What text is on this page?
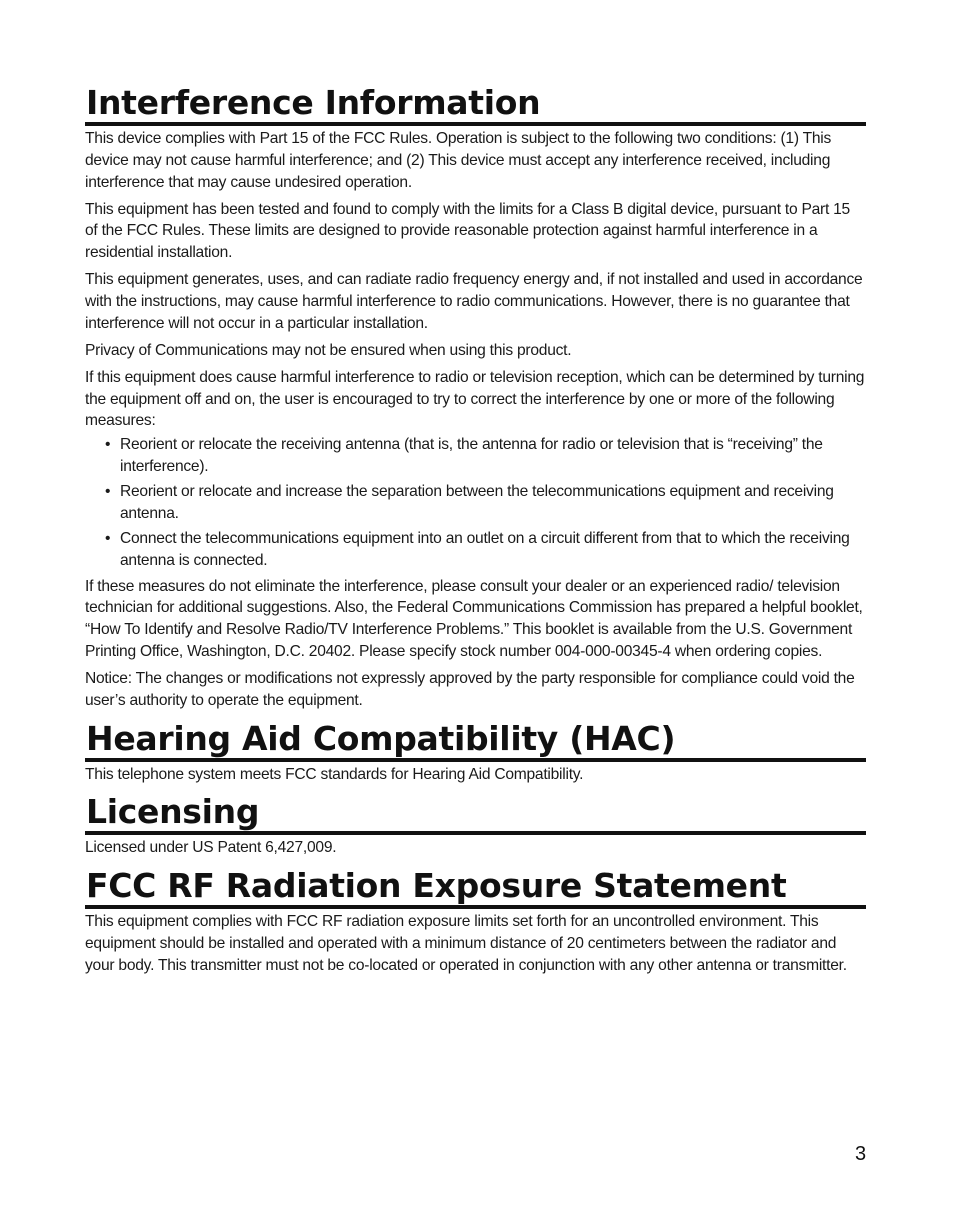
Interference Information

This device complies with Part 15 of the FCC Rules. Operation is subject to the following two conditions: (1) This device may not cause harmful interference; and (2) This device must accept any interference received, including interference that may cause undesired operation.

This equipment has been tested and found to comply with the limits for a Class B digital device, pursuant to Part 15 of the FCC Rules. These limits are designed to provide reasonable protection against harmful interference in a residential installation.

This equipment generates, uses, and can radiate radio frequency energy and, if not installed and used in accordance with the instructions, may cause harmful interference to radio communications. However, there is no guarantee that interference will not occur in a particular installation.

Privacy of Communications may not be ensured when using this product.

If this equipment does cause harmful interference to radio or television reception, which can be determined by turning the equipment off and on, the user is encouraged to try to correct the interference by one or more of the following measures:

• Reorient or relocate the receiving antenna (that is, the antenna for radio or television that is “receiving” the interference).
• Reorient or relocate and increase the separation between the telecommunications equipment and receiving antenna.
• Connect the telecommunications equipment into an outlet on a circuit different from that to which the receiving antenna is connected.

If these measures do not eliminate the interference, please consult your dealer or an experienced radio/ television technician for additional suggestions. Also, the Federal Communications Commission has prepared a helpful booklet, “How To Identify and Resolve Radio/TV Interference Problems.” This booklet is available from the U.S. Government Printing Office, Washington, D.C. 20402. Please specify stock number 004-000-00345-4 when ordering copies.

Notice: The changes or modifications not expressly approved by the party responsible for compliance could void the user’s authority to operate the equipment.

Hearing Aid Compatibility (HAC)

This telephone system meets FCC standards for Hearing Aid Compatibility.

Licensing

Licensed under US Patent 6,427,009.

FCC RF Radiation Exposure Statement

This equipment complies with FCC RF radiation exposure limits set forth for an uncontrolled environment. This equipment should be installed and operated with a minimum distance of 20 centimeters between the radiator and your body. This transmitter must not be co-located or operated in conjunction with any other antenna or transmitter.

3
